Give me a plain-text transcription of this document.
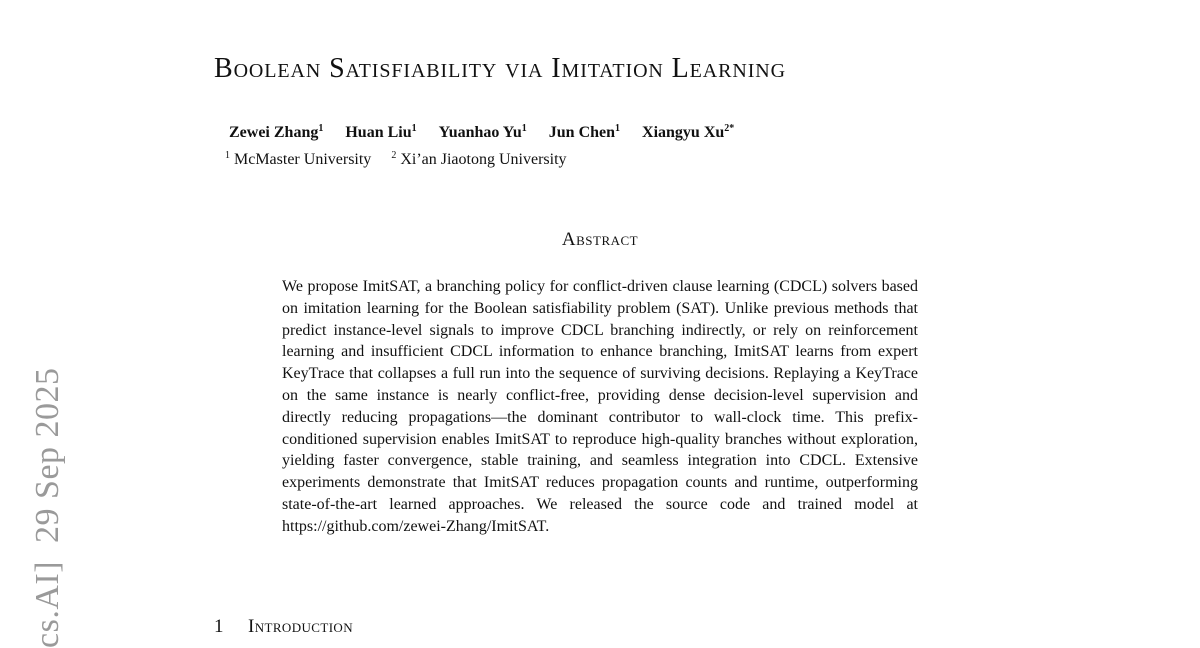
cs.AI]29 Sep 2025
Boolean Satisfiability via Imitation Learning
Zewei Zhang$^1$ Huan Liu$^1$ Yuanhao Yu$^1$ Jun Chen$^1$ Xiangyu $Xu^{2*}$
$^1$ McMaster University $^2$ Xi’an Jiaotong University
Abstract

We propose ImitSAT, a branching policy for conflict-driven clause learning (CDCL) solvers based on imitation learning for the Boolean satisfiability problem (SAT). Unlike previous methods that predict instance-level signals to improve CDCL branching indirectly, or rely on reinforcement learning and insufficient CDCL information to enhance branching, ImitSAT learns from expert KeyTrace that collapses a full run into the sequence of surviving decisions. Replaying a KeyTrace on the same instance is nearly conflict-free, providing dense decision-level supervision and directly reducing propagations—the dominant contributor to wall-clock time. This prefix-conditioned supervision enables ImitSAT to reproduce high-quality branches without exploration, yielding faster convergence, stable training, and seamless integration into CDCL. Extensive experiments demonstrate that ImitSAT reduces propagation counts and runtime, outperforming state-of-the-art learned approaches. We released the source code and trained model at https://github.com/zewei-Zhang/ImitSAT.

1 Introduction
